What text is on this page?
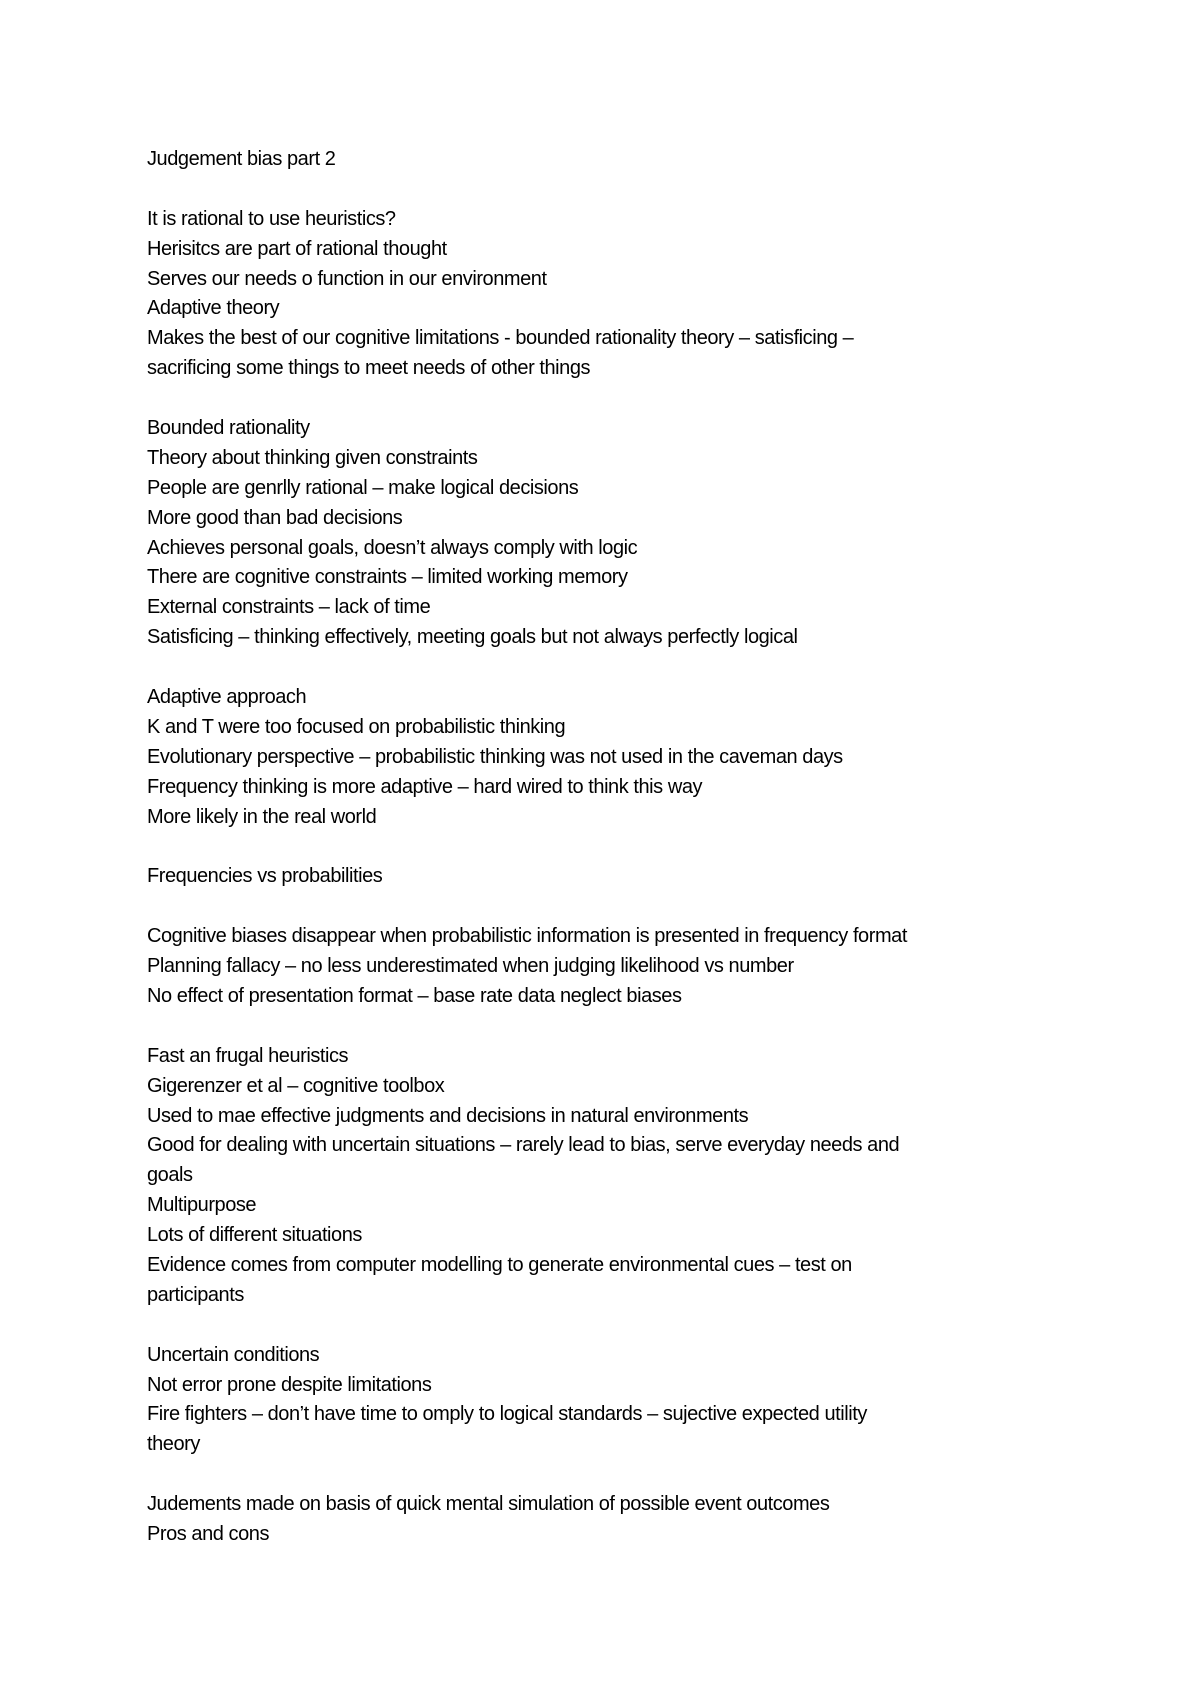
Judgement bias part 2
It is rational to use heuristics?
Herisitcs are part of rational thought
Serves our needs o function in our environment
Adaptive theory
Makes the best of our cognitive limitations - bounded rationality theory – satisficing –
sacrificing some things to meet needs of other things
Bounded rationality
Theory about thinking given constraints
People are genrlly rational – make logical decisions
More good than bad decisions
Achieves personal goals, doesn’t always comply with logic
There are cognitive constraints – limited working memory
External constraints – lack of time
Satisficing – thinking effectively, meeting goals but not always perfectly logical
Adaptive approach
K and T were too focused on probabilistic thinking
Evolutionary perspective – probabilistic thinking was not used in the caveman days
Frequency thinking is more adaptive – hard wired to think this way
More likely in the real world
Frequencies vs probabilities
Cognitive biases disappear when probabilistic information is presented in frequency format
Planning fallacy – no less underestimated when judging likelihood vs number
No effect of presentation format – base rate data neglect biases
Fast an frugal heuristics
Gigerenzer et al – cognitive toolbox
Used to mae effective judgments and decisions in natural environments
Good for dealing with uncertain situations – rarely lead to bias, serve everyday needs and
goals
Multipurpose
Lots of different situations
Evidence comes from computer modelling to generate environmental cues – test on
participants
Uncertain conditions
Not error prone despite limitations
Fire fighters – don’t have time to omply to logical standards – sujective expected utility
theory
Judements made on basis of quick mental simulation of possible event outcomes
Pros and cons
